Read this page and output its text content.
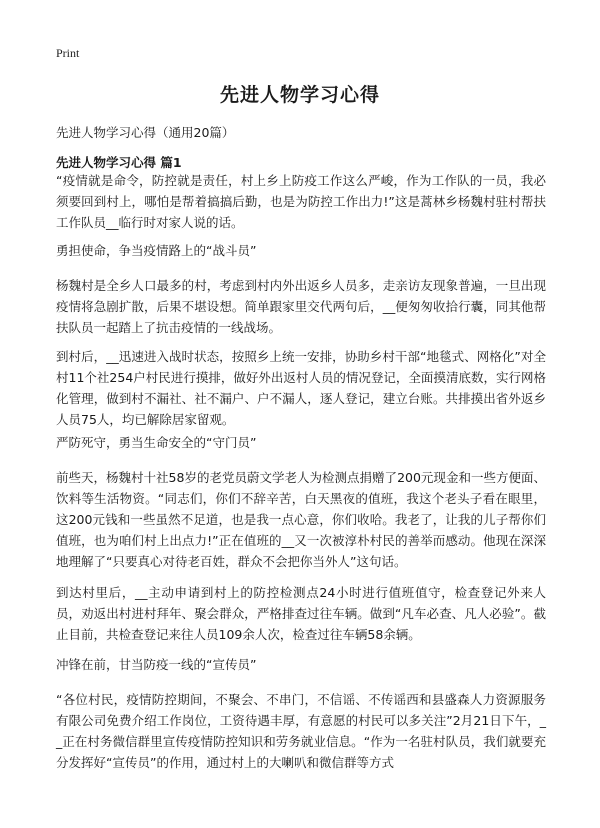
Print
先进人物学习心得
先进人物学习心得（通用20篇）
先进人物学习心得 篇1

“疫情就是命令，防控就是责任，村上乡上防疫工作这么严峻，作为工作队的一员，我必须要回到村上，哪怕是帮着搞搞后勤，也是为防控工作出力!”这是蒿林乡杨魏村驻村帮扶工作队员__临行时对家人说的话。

勇担使命，争当疫情路上的“战斗员”

杨魏村是全乡人口最多的村，考虑到村内外出返乡人员多，走亲访友现象普遍，一旦出现疫情将急剧扩散，后果不堪设想。简单跟家里交代两句后，__便匆匆收拾行囊，同其他帮扶队员一起踏上了抗击疫情的一线战场。

到村后，__迅速进入战时状态，按照乡上统一安排，协助乡村干部“地毯式、网格化”对全村11个社254户村民进行摸排，做好外出返村人员的情况登记，全面摸清底数，实行网格化管理，做到村不漏社、社不漏户、户不漏人，逐人登记，建立台账。共排摸出省外返乡人员75人，均已解除居家留观。

严防死守，勇当生命安全的“守门员”

前些天，杨魏村十社58岁的老党员蔚文学老人为检测点捐赠了200元现金和一些方便面、饮料等生活物资。“同志们，你们不辞辛苦，白天黑夜的值班，我这个老头子看在眼里，这200元钱和一些虽然不足道，也是我一点心意，你们收哈。我老了，让我的儿子帮你们值班，也为咱们村上出点力!”正在值班的__又一次被淳朴村民的善举而感动。他现在深深地理解了“只要真心对待老百姓，群众不会把你当外人”这句话。

到达村里后，__主动申请到村上的防控检测点24小时进行值班值守，检查登记外来人员，劝返出村进村拜年、聚会群众，严格排查过往车辆。做到“凡车必查、凡人必验”。截止目前，共检查登记来往人员109余人次，检查过往车辆58余辆。

冲锋在前，甘当防疫一线的“宣传员”

“各位村民，疫情防控期间，不聚会、不串门，不信谣、不传谣西和县盛森人力资源服务有限公司免费介绍工作岗位，工资待遇丰厚，有意愿的村民可以多关注”2月21日下午，__正在村务微信群里宣传疫情防控知识和劳务就业信息。“作为一名驻村队员，我们就要充分发挥好“宣传员”的作用，通过村上的大喇叭和微信群等方式
